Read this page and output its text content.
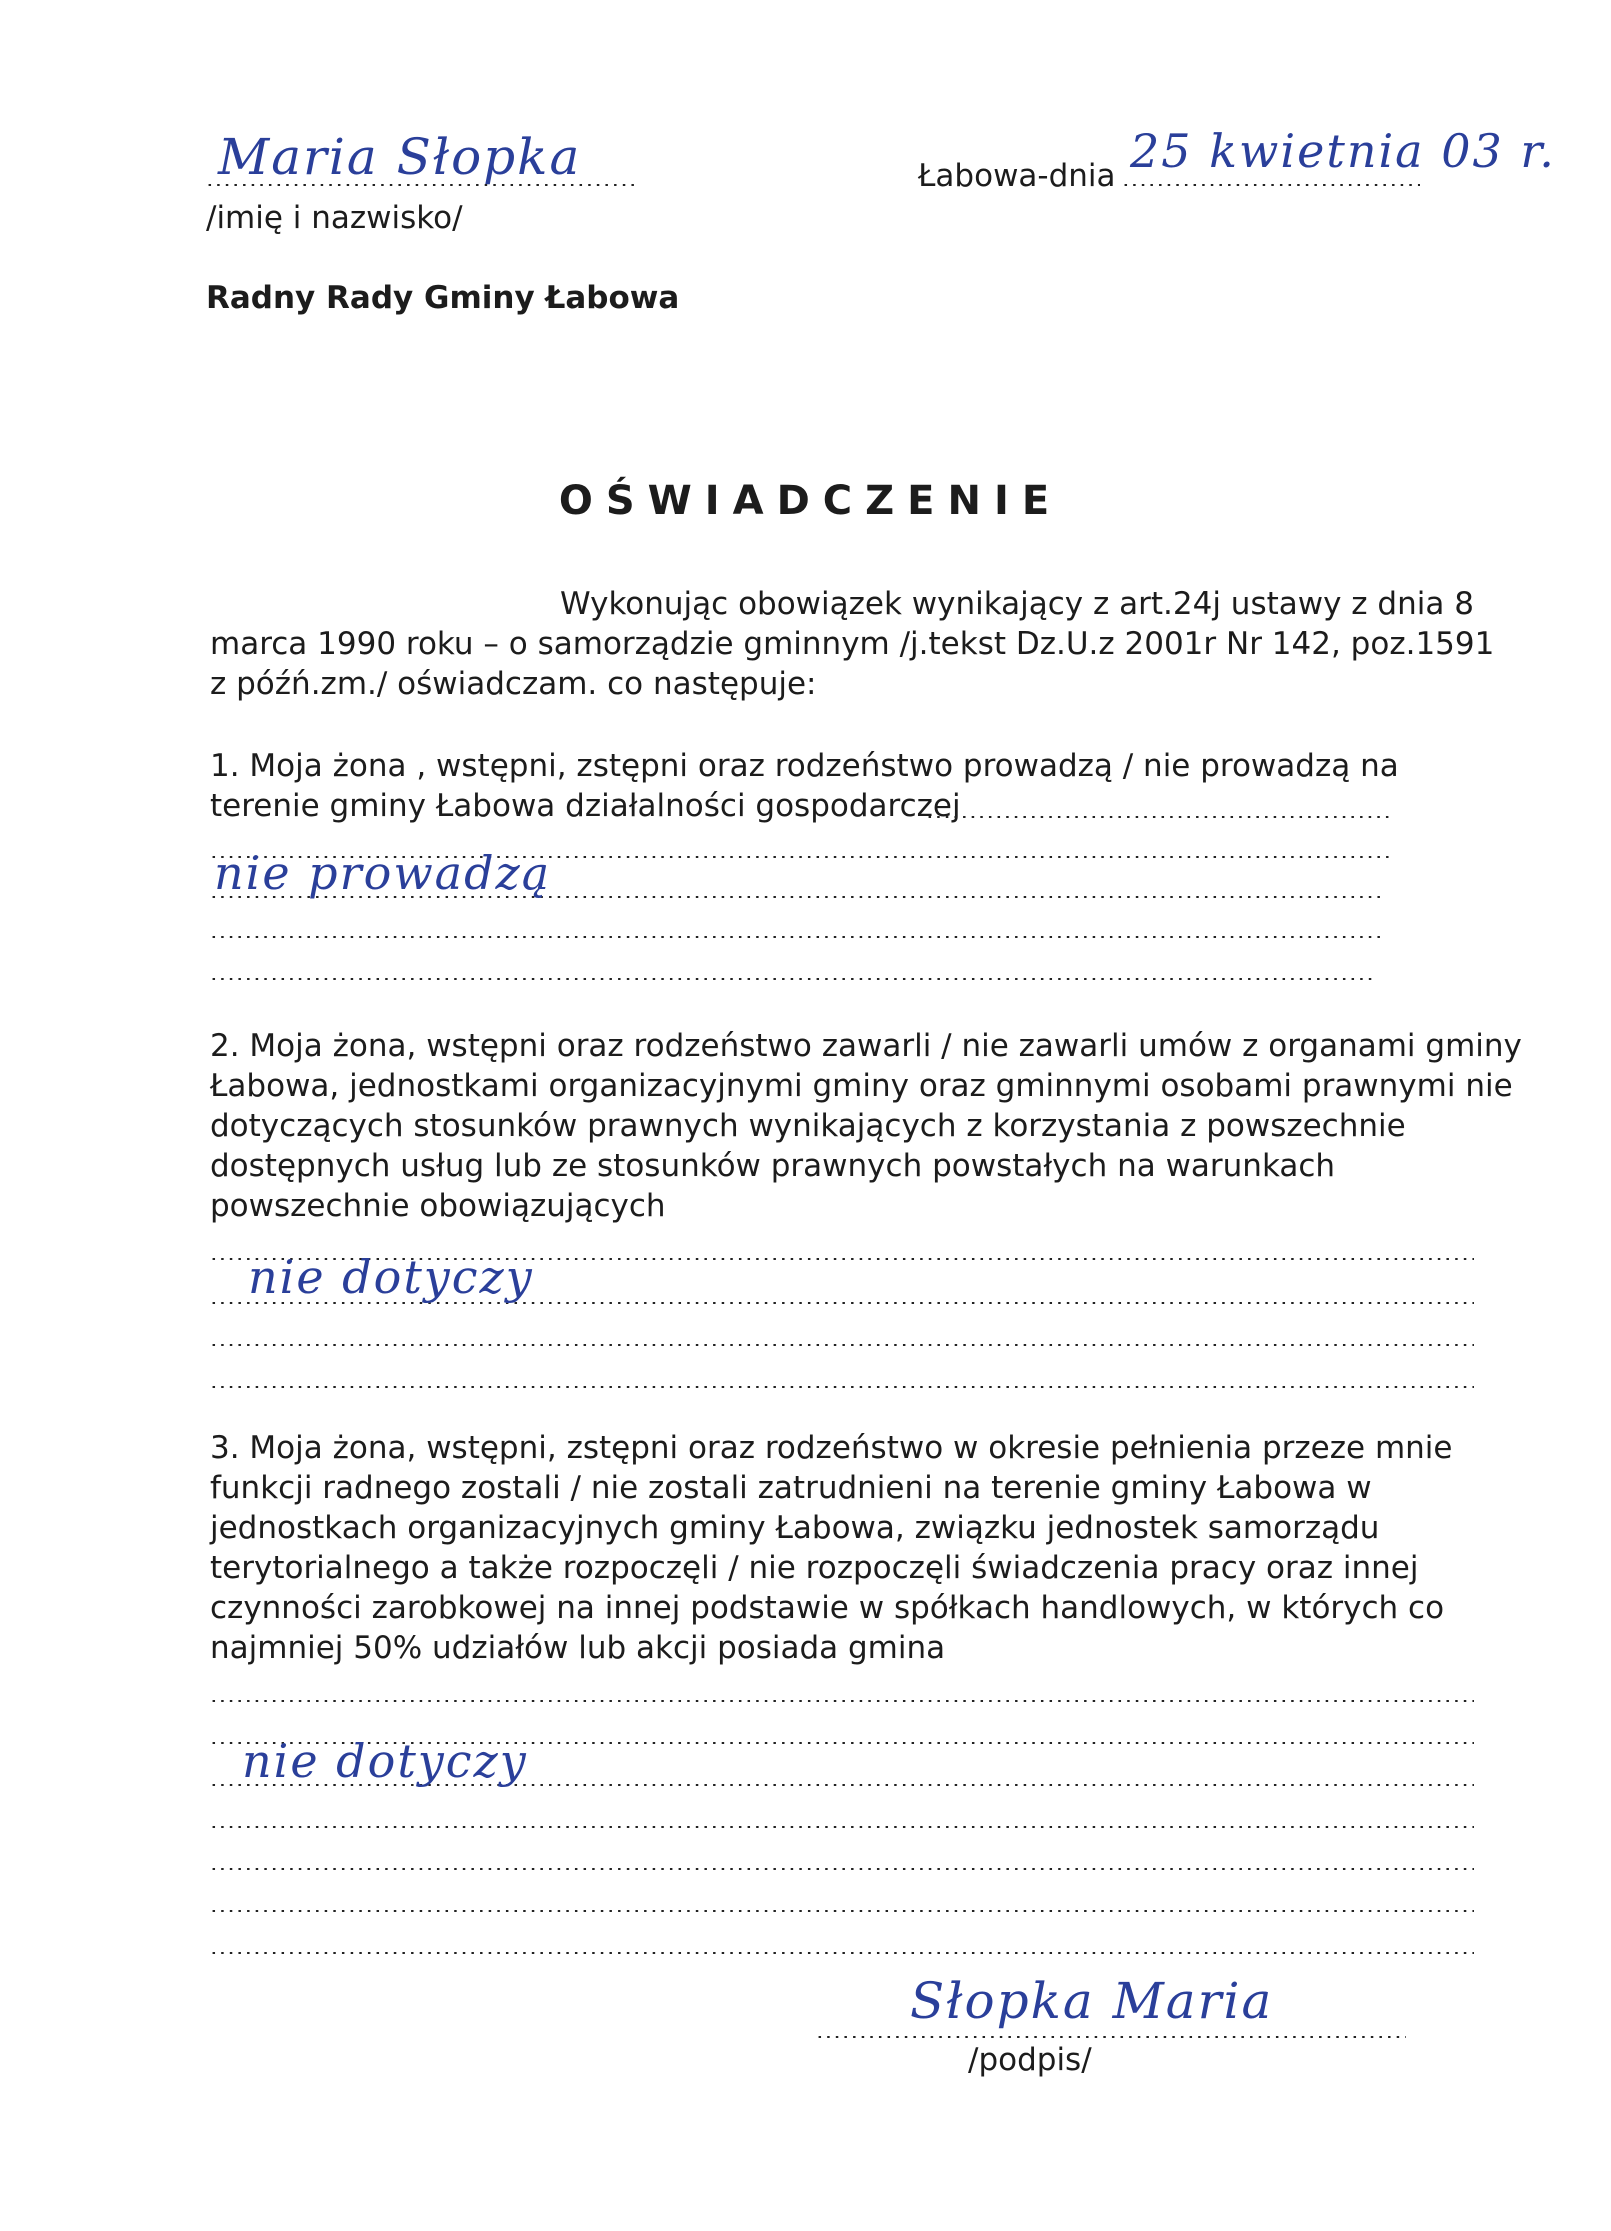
Maria Słopka
.....
/imię i nazwisko/
Łabowa-dnia
..... 25 kwietnia 03 r.
Radny Rady Gminy Łabowa
OŚWIADCZENIE
Wykonując obowiązek wynikający z art.24j ustawy z dnia 8
marca 1990 roku – o samorządzie gminnym /j.tekst Dz.U.z 2001r Nr 142, poz.1591
z późń.zm./ oświadczam. co następuje:
1. Moja żona , wstępni, zstępni oraz rodzeństwo prowadzą / nie prowadzą na
terenie gminy Łabowa działalności gospodarczej
.....
.....
.....
.....
.....
nie prowadzą
2. Moja żona, wstępni oraz rodzeństwo zawarli / nie zawarli umów z organami gminy
Łabowa, jednostkami organizacyjnymi gminy oraz gminnymi osobami prawnymi nie
dotyczących stosunków prawnych wynikających z korzystania z powszechnie
dostępnych usług lub ze stosunków prawnych powstałych na warunkach
powszechnie obowiązujących
.....
.....
.....
.....
nie dotyczy
3. Moja żona, wstępni, zstępni oraz rodzeństwo w okresie pełnienia przeze mnie
funkcji radnego zostali / nie zostali zatrudnieni na terenie gminy Łabowa w
jednostkach organizacyjnych gminy Łabowa, związku jednostek samorządu
terytorialnego a także rozpoczęli / nie rozpoczęli świadczenia pracy oraz innej
czynności zarobkowej na innej podstawie w spółkach handlowych, w których co
najmniej 50% udziałów lub akcji posiada gmina
.....
.....
.....
.....
.....
.....
.....
nie dotyczy
Słopka Maria
.....
/podpis/
